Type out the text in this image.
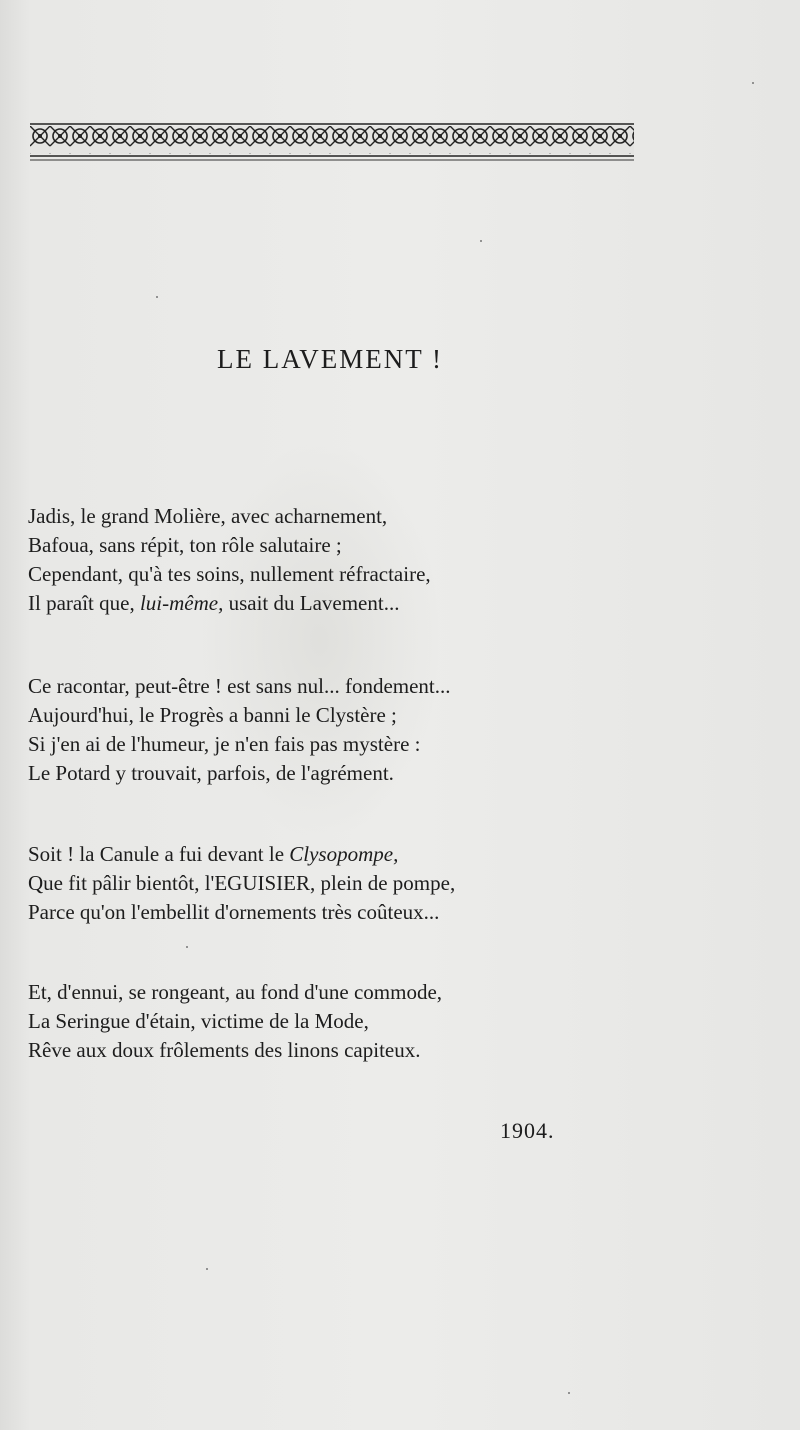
LE LAVEMENT !
Jadis, le grand Molière, avec acharnement,
Bafoua, sans répit, ton rôle salutaire ;
Cependant, qu'à tes soins, nullement réfractaire,
Il paraît que, lui-même, usait du Lavement...
Ce racontar, peut-être ! est sans nul... fondement...
Aujourd'hui, le Progrès a banni le Clystère ;
Si j'en ai de l'humeur, je n'en fais pas mystère :
Le Potard y trouvait, parfois, de l'agrément.
Soit ! la Canule a fui devant le Clysopompe,
Que fit pâlir bientôt, l'EGUISIER, plein de pompe,
Parce qu'on l'embellit d'ornements très coûteux...
Et, d'ennui, se rongeant, au fond d'une commode,
La Seringue d'étain, victime de la Mode,
Rêve aux doux frôlements des linons capiteux.
1904.
